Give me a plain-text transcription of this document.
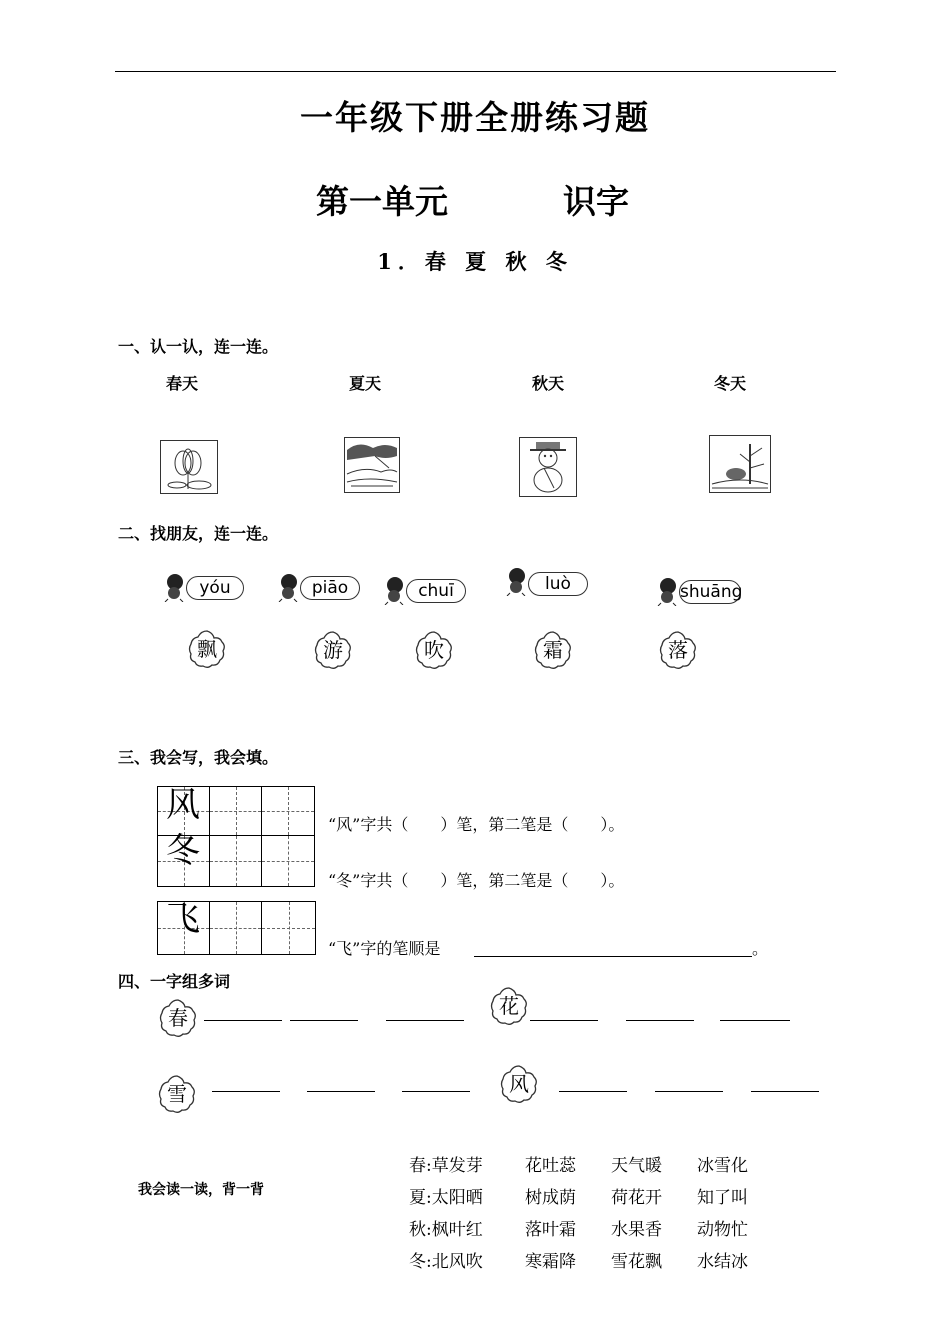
一年级下册全册练习题
第一单元	识字
1．春 夏 秋 冬
一、认一认，连一连。
春天	夏天	秋天	冬天
二、找朋友，连一连。
yóu	piāo	chuī	luò	shuāng
飘	游	吹	霜	落
三、我会写，我会填。
风
冬
飞
“风”字共（　　）笔，第二笔是（　　）。
“冬”字共（　　）笔，第二笔是（　　）。
“飞”字的笔顺是	。
四、一字组多词
春	花
雪	风
我会读一读，背一背
春:草发芽 花吐蕊 天气暖 冰雪化
夏:太阳晒 树成荫 荷花开 知了叫
秋:枫叶红 落叶霜 水果香 动物忙
冬:北风吹 寒霜降 雪花飘 水结冰
